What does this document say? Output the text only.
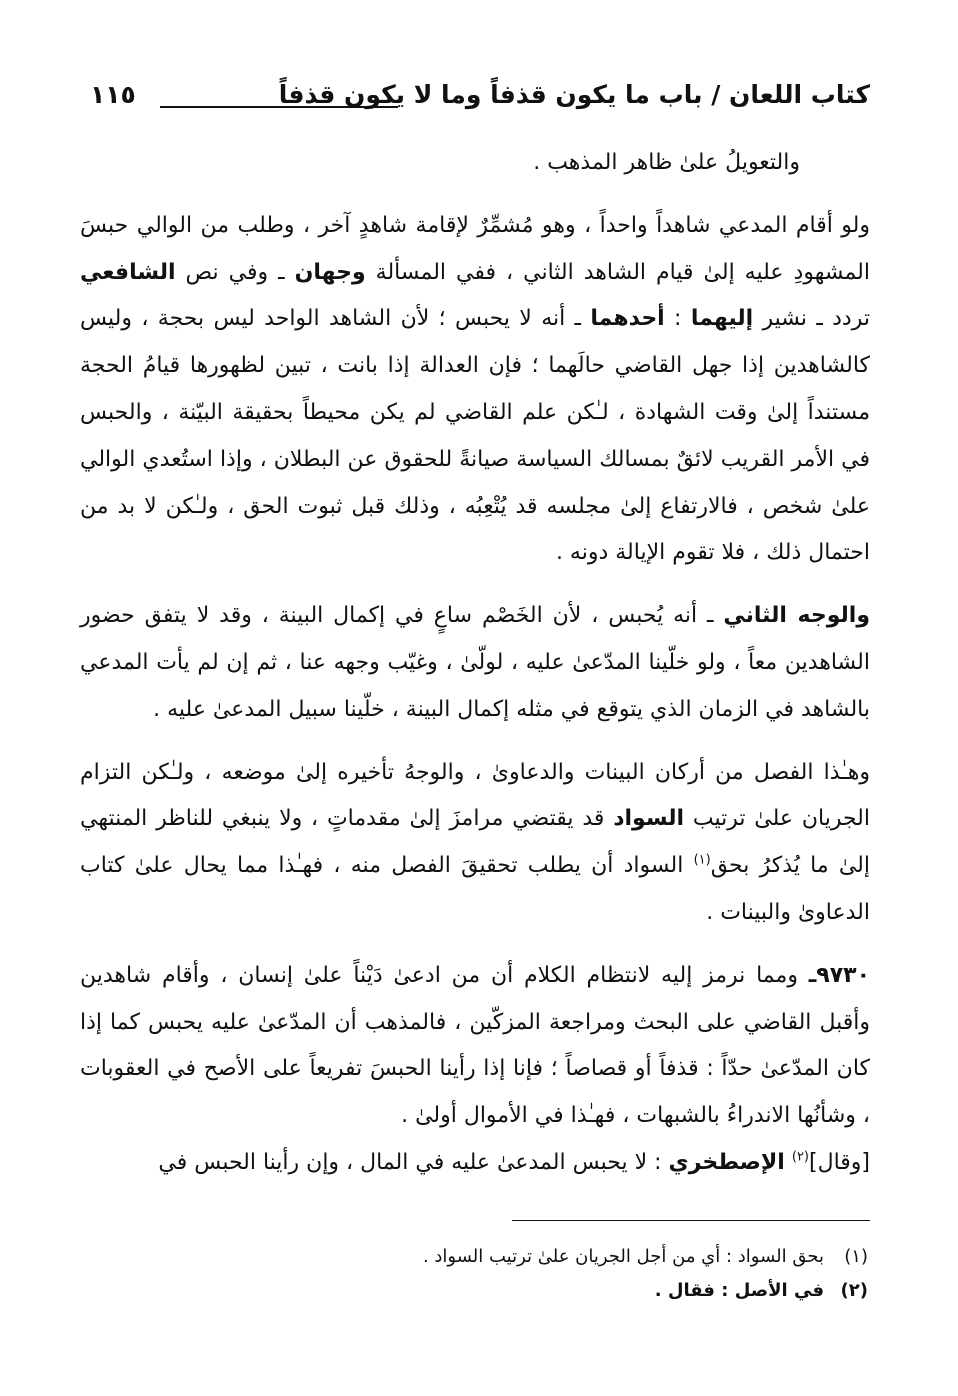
كتاب اللعان / باب ما يكون قذفاً وما لا يكون قذفاً
١١٥

والتعويلُ علىٰ ظاهر المذهب .

ولو أقام المدعي شاهداً واحداً ، وهو مُشمِّرٌ لإقامة شاهدٍ آخر ، وطلب من الوالي حبسَ المشهودِ عليه إلىٰ قيام الشاهد الثاني ، ففي المسألة وجهان ـ وفي نص الشافعي تردد ـ نشير إليهما : أحدهما ـ أنه لا يحبس ؛ لأن الشاهد الواحد ليس بحجة ، وليس كالشاهدين إذا جهل القاضي حالَهما ؛ فإن العدالة إذا بانت ، تبين لظهورها قيامُ الحجة مستنداً إلىٰ وقت الشهادة ، لـٰكن علم القاضي لم يكن محيطاً بحقيقة البيّنة ، والحبس في الأمر القريب لائقٌ بمسالك السياسة صيانةً للحقوق عن البطلان ، وإذا استُعدي الوالي علىٰ شخص ، فالارتفاع إلىٰ مجلسه قد يُتْعِبُه ، وذلك قبل ثبوت الحق ، ولـٰكن لا بد من احتمال ذلك ، فلا تقوم الإيالة دونه .

والوجه الثاني ـ أنه يُحبس ، لأن الخَصْم ساعٍ في إكمال البينة ، وقد لا يتفق حضور الشاهدين معاً ، ولو خلّينا المدّعىٰ عليه ، لولّىٰ ، وغيّب وجهه عنا ، ثم إن لم يأت المدعي بالشاهد في الزمان الذي يتوقع في مثله إكمال البينة ، خلّينا سبيل المدعىٰ عليه .

وهـٰذا الفصل من أركان البينات والدعاوىٰ ، والوجهُ تأخيره إلىٰ موضعه ، ولـٰكن التزام الجريان علىٰ ترتيب السواد قد يقتضي مرامزَ إلىٰ مقدماتٍ ، ولا ينبغي للناظر المنتهي إلىٰ ما يُذكرُ بحق$^{(١)}$ السواد أن يطلب تحقيقَ الفصل منه ، فهـٰذا مما يحال علىٰ كتاب الدعاوىٰ والبينات .

٩٧٣٠ـ ومما نرمز إليه لانتظام الكلام أن من ادعىٰ دَيْناً علىٰ إنسان ، وأقام شاهدين وأقبل القاضي على البحث ومراجعة المزكّين ، فالمذهب أن المدّعىٰ عليه يحبس كما إذا كان المدّعىٰ حدّاً : قذفاً أو قصاصاً ؛ فإنا إذا رأينا الحبسَ تفريعاً على الأصح في العقوبات ، وشأنُها الاندراءُ بالشبهات ، فهـٰذا في الأموال أولىٰ .

[وقال]$^{(٢)}$ الإصطخري : لا يحبس المدعىٰ عليه في المال ، وإن رأينا الحبس في

(١)بحق السواد : أي من أجل الجريان علىٰ ترتيب السواد .
(٢)في الأصل : فقال .
